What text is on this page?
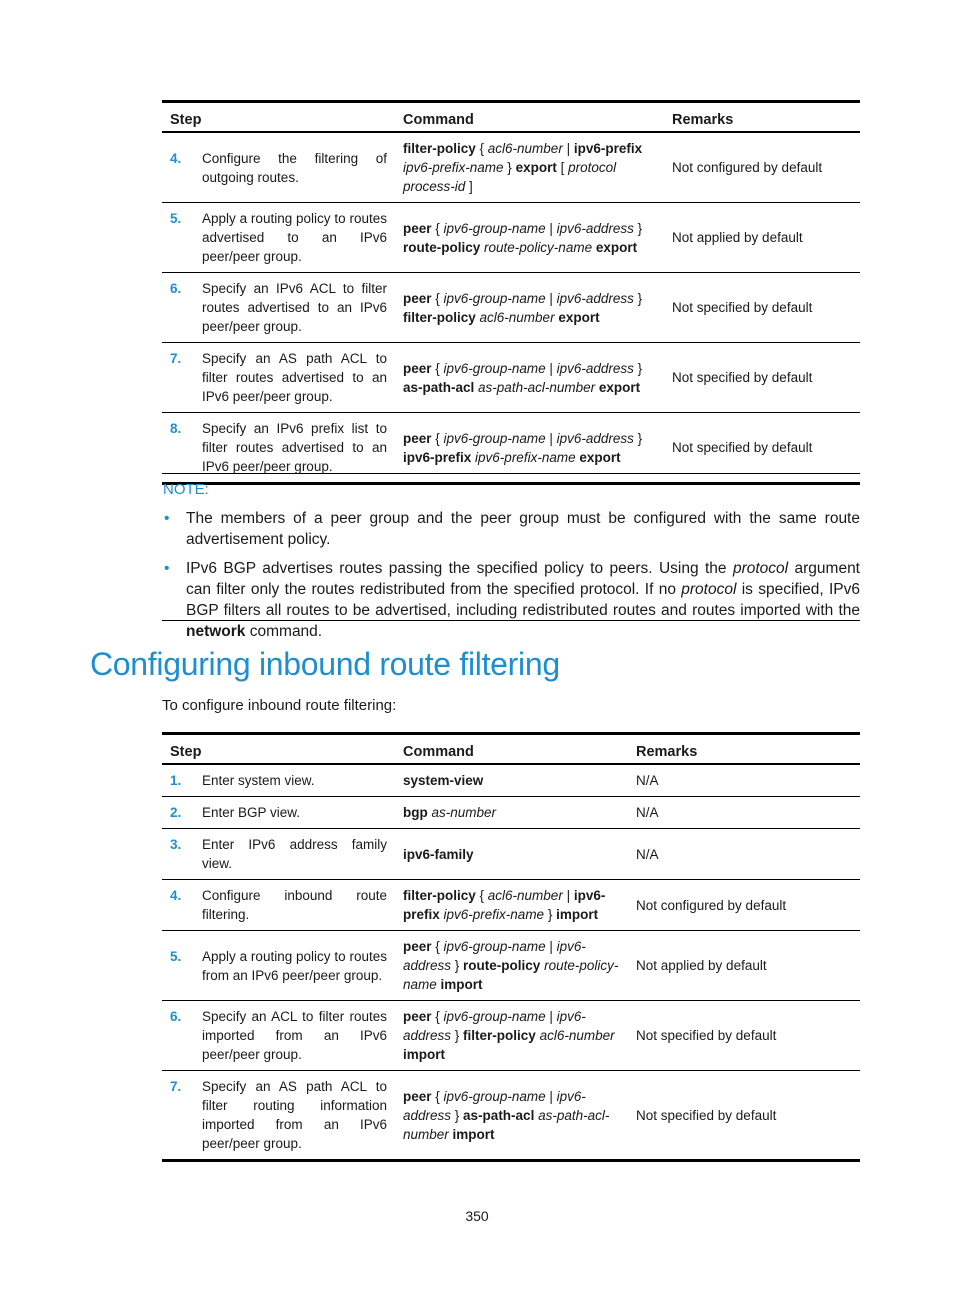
Step	Command	Remarks

4. Configure the filtering of outgoing routes.	filter-policy { acl6-number | ipv6-prefix ipv6-prefix-name } export [ protocol process-id ]	Not configured by default

5. Apply a routing policy to routes advertised to an IPv6 peer/peer group.	peer { ipv6-group-name | ipv6-address } route-policy route-policy-name export	Not applied by default

6. Specify an IPv6 ACL to filter routes advertised to an IPv6 peer/peer group.	peer { ipv6-group-name | ipv6-address } filter-policy acl6-number export	Not specified by default

7. Specify an AS path ACL to filter routes advertised to an IPv6 peer/peer group.	peer { ipv6-group-name | ipv6-address } as-path-acl as-path-acl-number export	Not specified by default

8. Specify an IPv6 prefix list to filter routes advertised to an IPv6 peer/peer group.	peer { ipv6-group-name | ipv6-address } ipv6-prefix ipv6-prefix-name export	Not specified by default
NOTE:
• The members of a peer group and the peer group must be configured with the same route advertisement policy.
• IPv6 BGP advertises routes passing the specified policy to peers. Using the protocol argument can filter only the routes redistributed from the specified protocol. If no protocol is specified, IPv6 BGP filters all routes to be advertised, including redistributed routes and routes imported with the network command.
Configuring inbound route filtering
To configure inbound route filtering:
Step	Command	Remarks

1. Enter system view.	system-view	N/A

2. Enter BGP view.	bgp as-number	N/A

3. Enter IPv6 address family view.	ipv6-family	N/A

4. Configure inbound route filtering.	filter-policy { acl6-number | ipv6-prefix ipv6-prefix-name } import	Not configured by default

5. Apply a routing policy to routes from an IPv6 peer/peer group.	peer { ipv6-group-name | ipv6-address } route-policy route-policy-name import	Not applied by default

6. Specify an ACL to filter routes imported from an IPv6 peer/peer group.	peer { ipv6-group-name | ipv6-address } filter-policy acl6-number import	Not specified by default

7. Specify an AS path ACL to filter routing information imported from an IPv6 peer/peer group.	peer { ipv6-group-name | ipv6-address } as-path-acl as-path-acl-number import	Not specified by default
350
